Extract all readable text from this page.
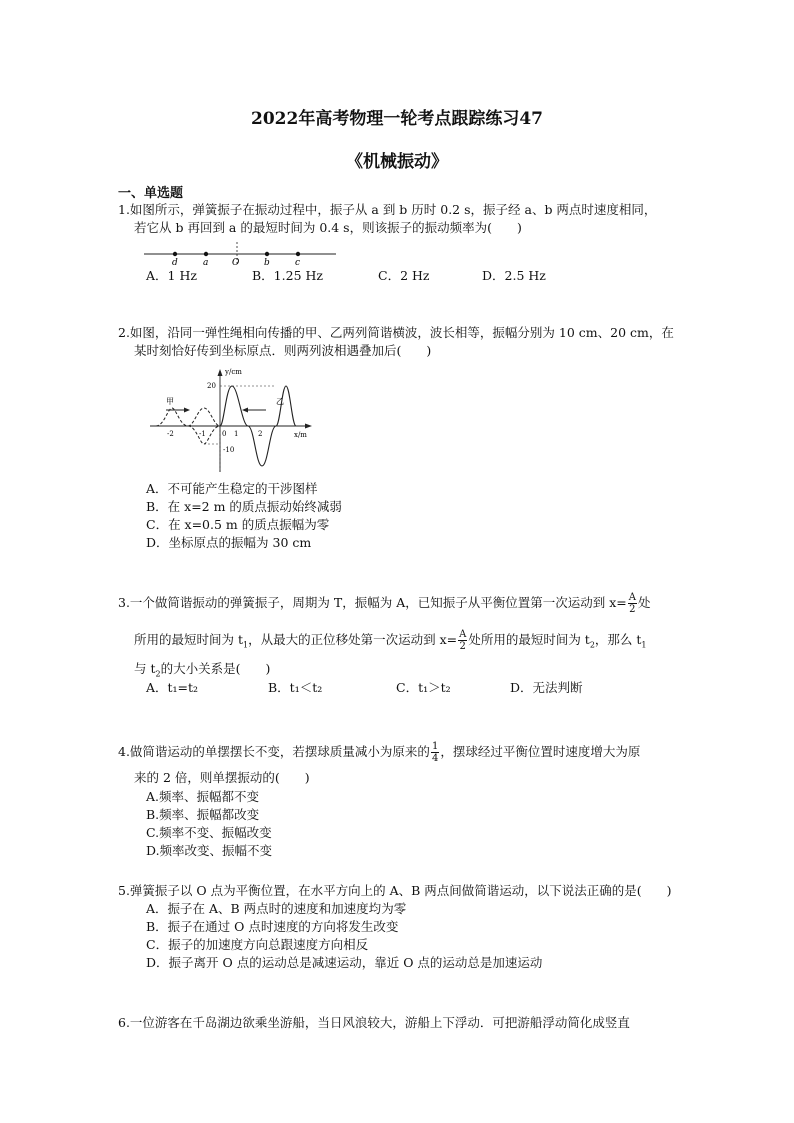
2022年高考物理一轮考点跟踪练习47
《机械振动》
一、单选题
1.如图所示，弹簧振子在振动过程中，振子从 a 到 b 历时 0.2 s，振子经 a、b 两点时速度相同，
若它从 b 再回到 a 的最短时间为 0.4 s，则该振子的振动频率为(　　)
d	a	O	b	c
A．1 Hz	B．1.25 Hz	C．2 Hz	D．2.5 Hz
2.如图，沿同一弹性绳相向传播的甲、乙两列简谐横波，波长相等，振幅分别为 10 cm、20 cm，在
某时刻恰好传到坐标原点．则两列波相遇叠加后(　　)
y/cm
x/m
甲	乙
20
-10
-2	-1 0 1	2
A．不可能产生稳定的干涉图样
B．在 x=2 m 的质点振动始终减弱
C．在 x=0.5 m 的质点振幅为零
D．坐标原点的振幅为 30 cm
3.一个做简谐振动的弹簧振子，周期为 T，振幅为 A，已知振子从平衡位置第一次运动到 $x= \frac{A}{2}$ 处
所用的最短时间为 $t_1$，从最大的正位移处第一次运动到 $x= \frac{A}{2}$ 处所用的最短时间为 $t_2$，那么 $t_1$
与 $t_2$的大小关系是(　　)
A．t₁=t₂	B．t₁＜t₂	C．t₁＞t₂	D．无法判断
4.做简谐运动的单摆摆长不变，若摆球质量减小为原来的 $\frac{1}{4}$ ，摆球经过平衡位置时速度增大为原
来的 2 倍，则单摆振动的(　　)
A.频率、振幅都不变
B.频率、振幅都改变
C.频率不变、振幅改变
D.频率改变、振幅不变
5.弹簧振子以 O 点为平衡位置，在水平方向上的 A、B 两点间做简谐运动，以下说法正确的是(　　)
A．振子在 A、B 两点时的速度和加速度均为零
B．振子在通过 O 点时速度的方向将发生改变
C．振子的加速度方向总跟速度方向相反
D．振子离开 O 点的运动总是减速运动，靠近 O 点的运动总是加速运动
6.一位游客在千岛湖边欲乘坐游船，当日风浪较大，游船上下浮动．可把游船浮动简化成竖直
